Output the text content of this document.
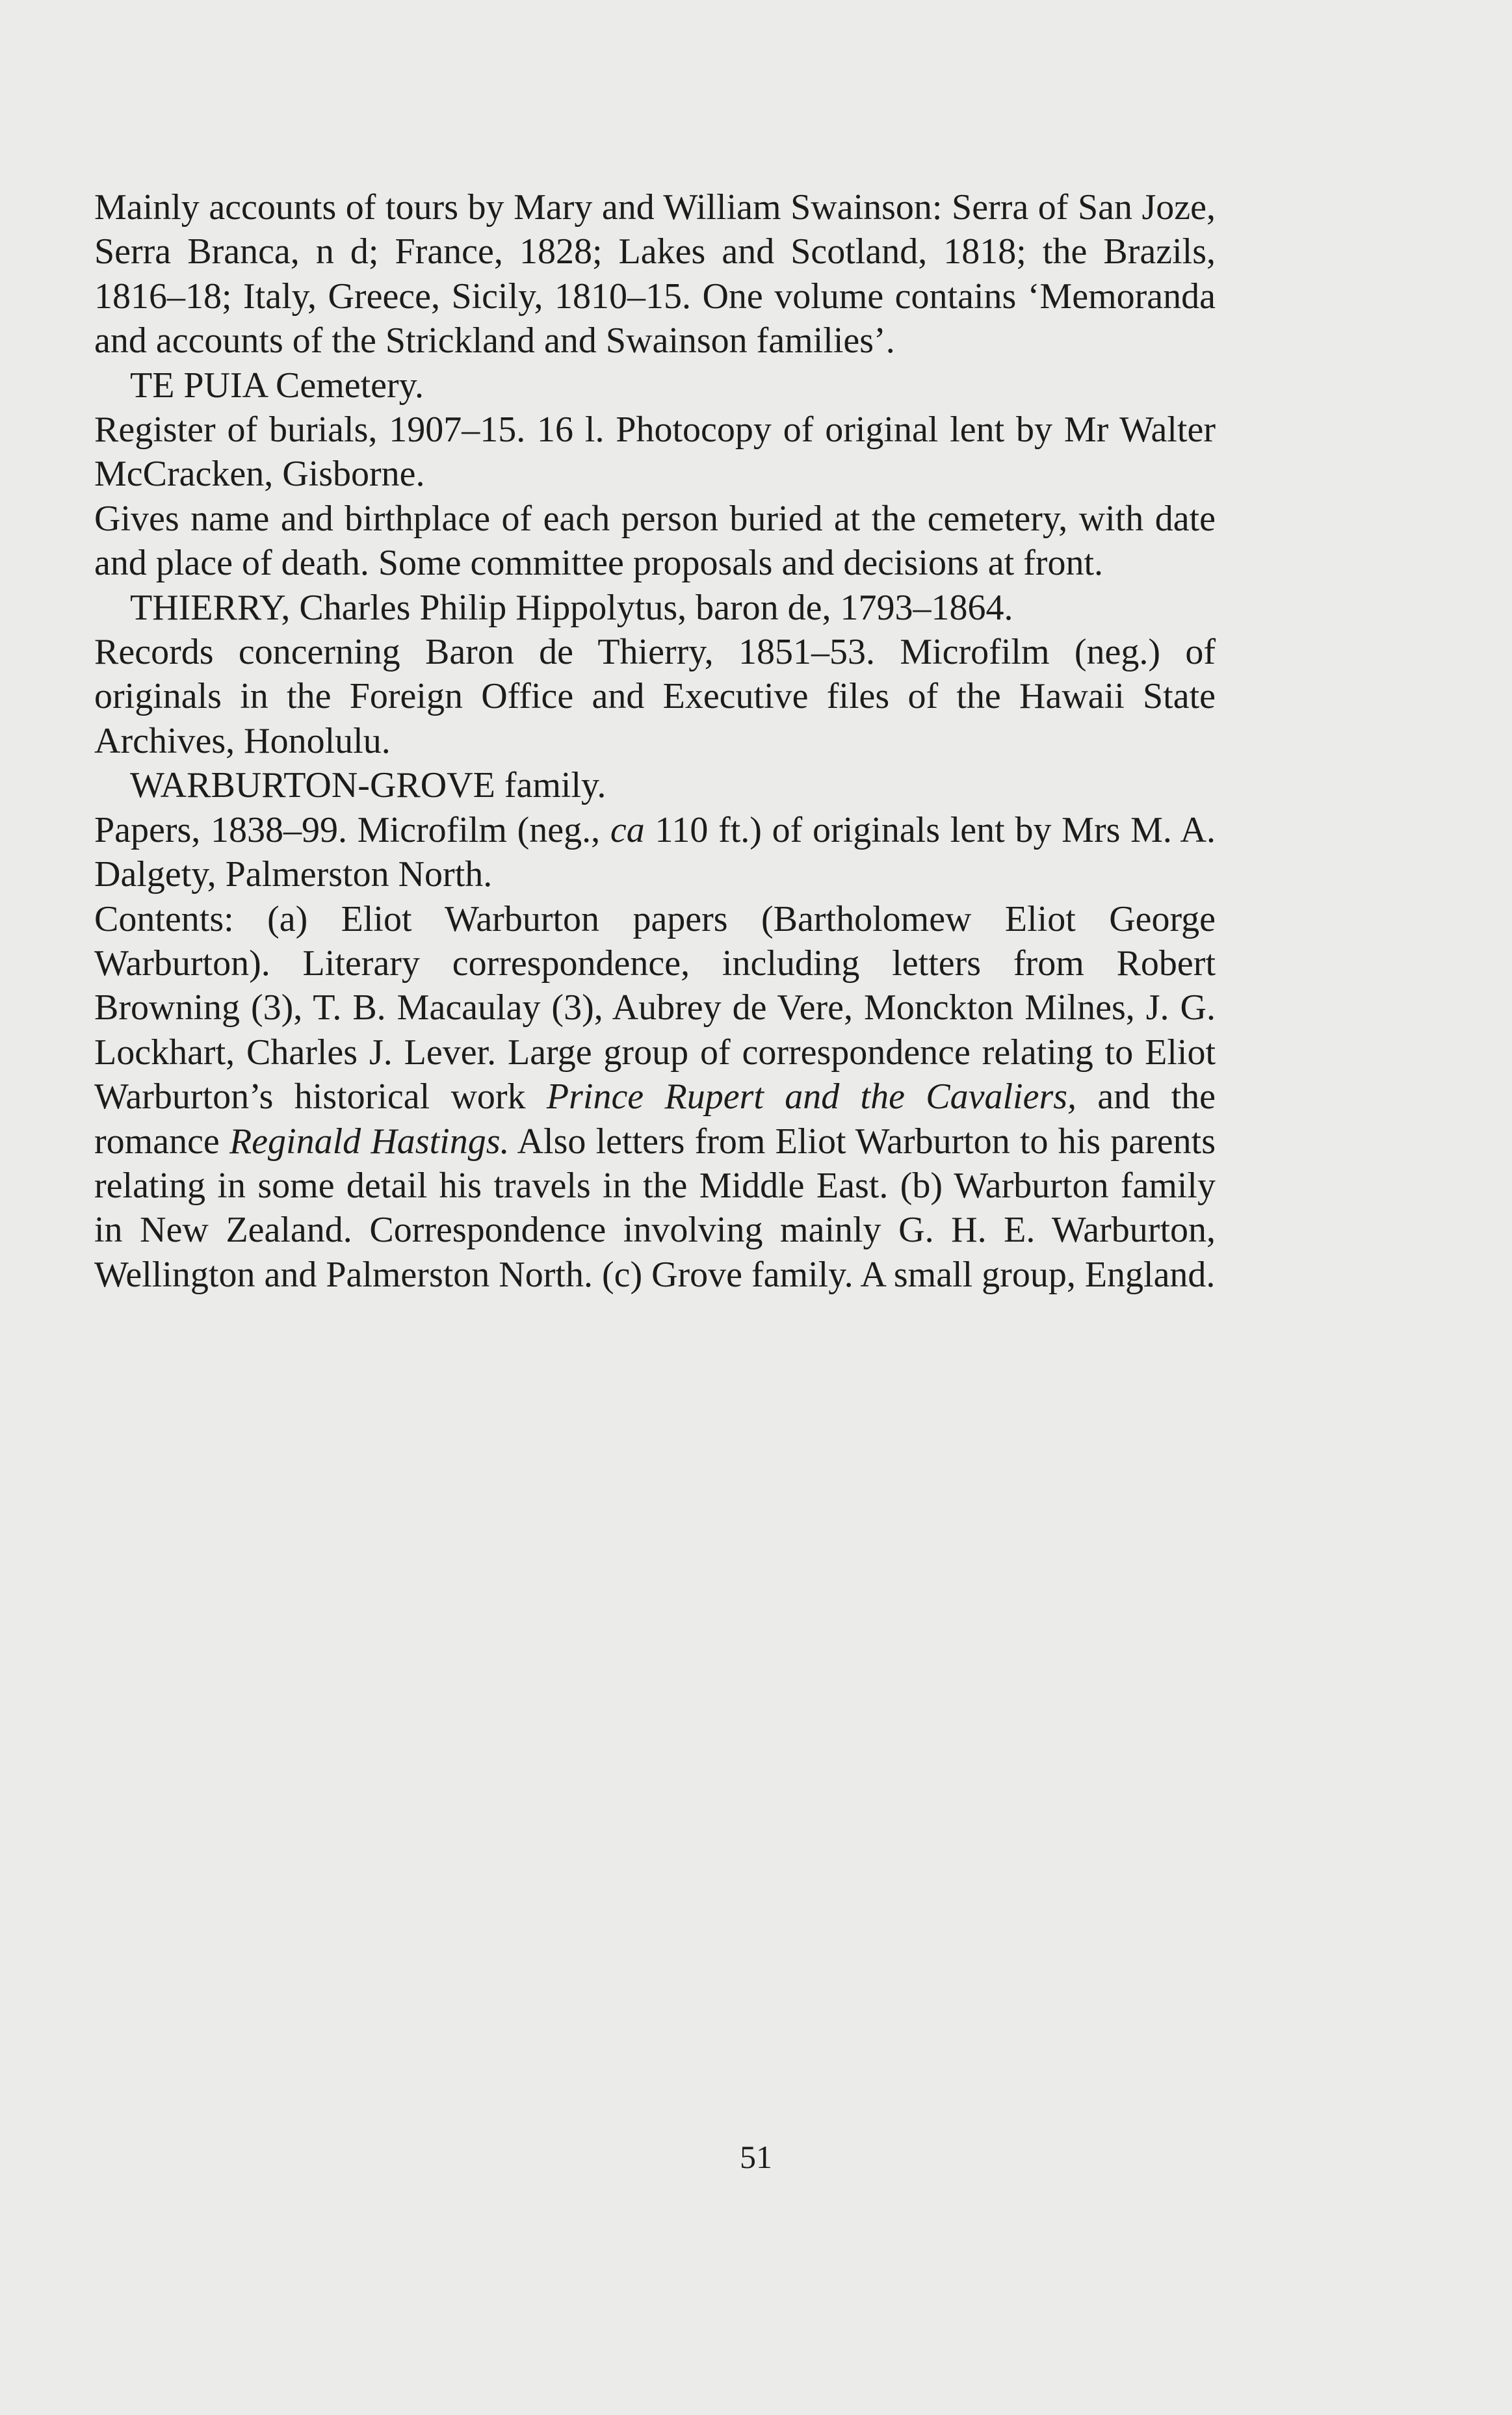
Mainly accounts of tours by Mary and William Swainson: Serra of San Joze, Serra Branca, n d; France, 1828; Lakes and Scotland, 1818; the Brazils, 1816–18; Italy, Greece, Sicily, 1810–15. One volume contains ‘Memoranda and accounts of the Strickland and Swainson families’.

TE PUIA Cemetery.

Register of burials, 1907–15. 16 l. Photocopy of original lent by Mr Walter McCracken, Gisborne.

Gives name and birthplace of each person buried at the cemetery, with date and place of death. Some committee proposals and decisions at front.

THIERRY, Charles Philip Hippolytus, baron de, 1793–1864.

Records concerning Baron de Thierry, 1851–53. Microfilm (neg.) of originals in the Foreign Office and Executive files of the Hawaii State Archives, Honolulu.

WARBURTON-GROVE family.

Papers, 1838–99. Microfilm (neg., ca 110 ft.) of originals lent by Mrs M. A. Dalgety, Palmerston North.

Contents: (a) Eliot Warburton papers (Bartholomew Eliot George Warburton). Literary correspondence, including letters from Robert Browning (3), T. B. Macaulay (3), Aubrey de Vere, Monckton Milnes, J. G. Lockhart, Charles J. Lever. Large group of correspondence relating to Eliot Warburton’s historical work Prince Rupert and the Cavaliers, and the romance Reginald Hastings. Also letters from Eliot Warburton to his parents relating in some detail his travels in the Middle East. (b) Warburton family in New Zealand. Correspondence involving mainly G. H. E. Warburton, Wellington and Palmerston North. (c) Grove family. A small group, England.

51
